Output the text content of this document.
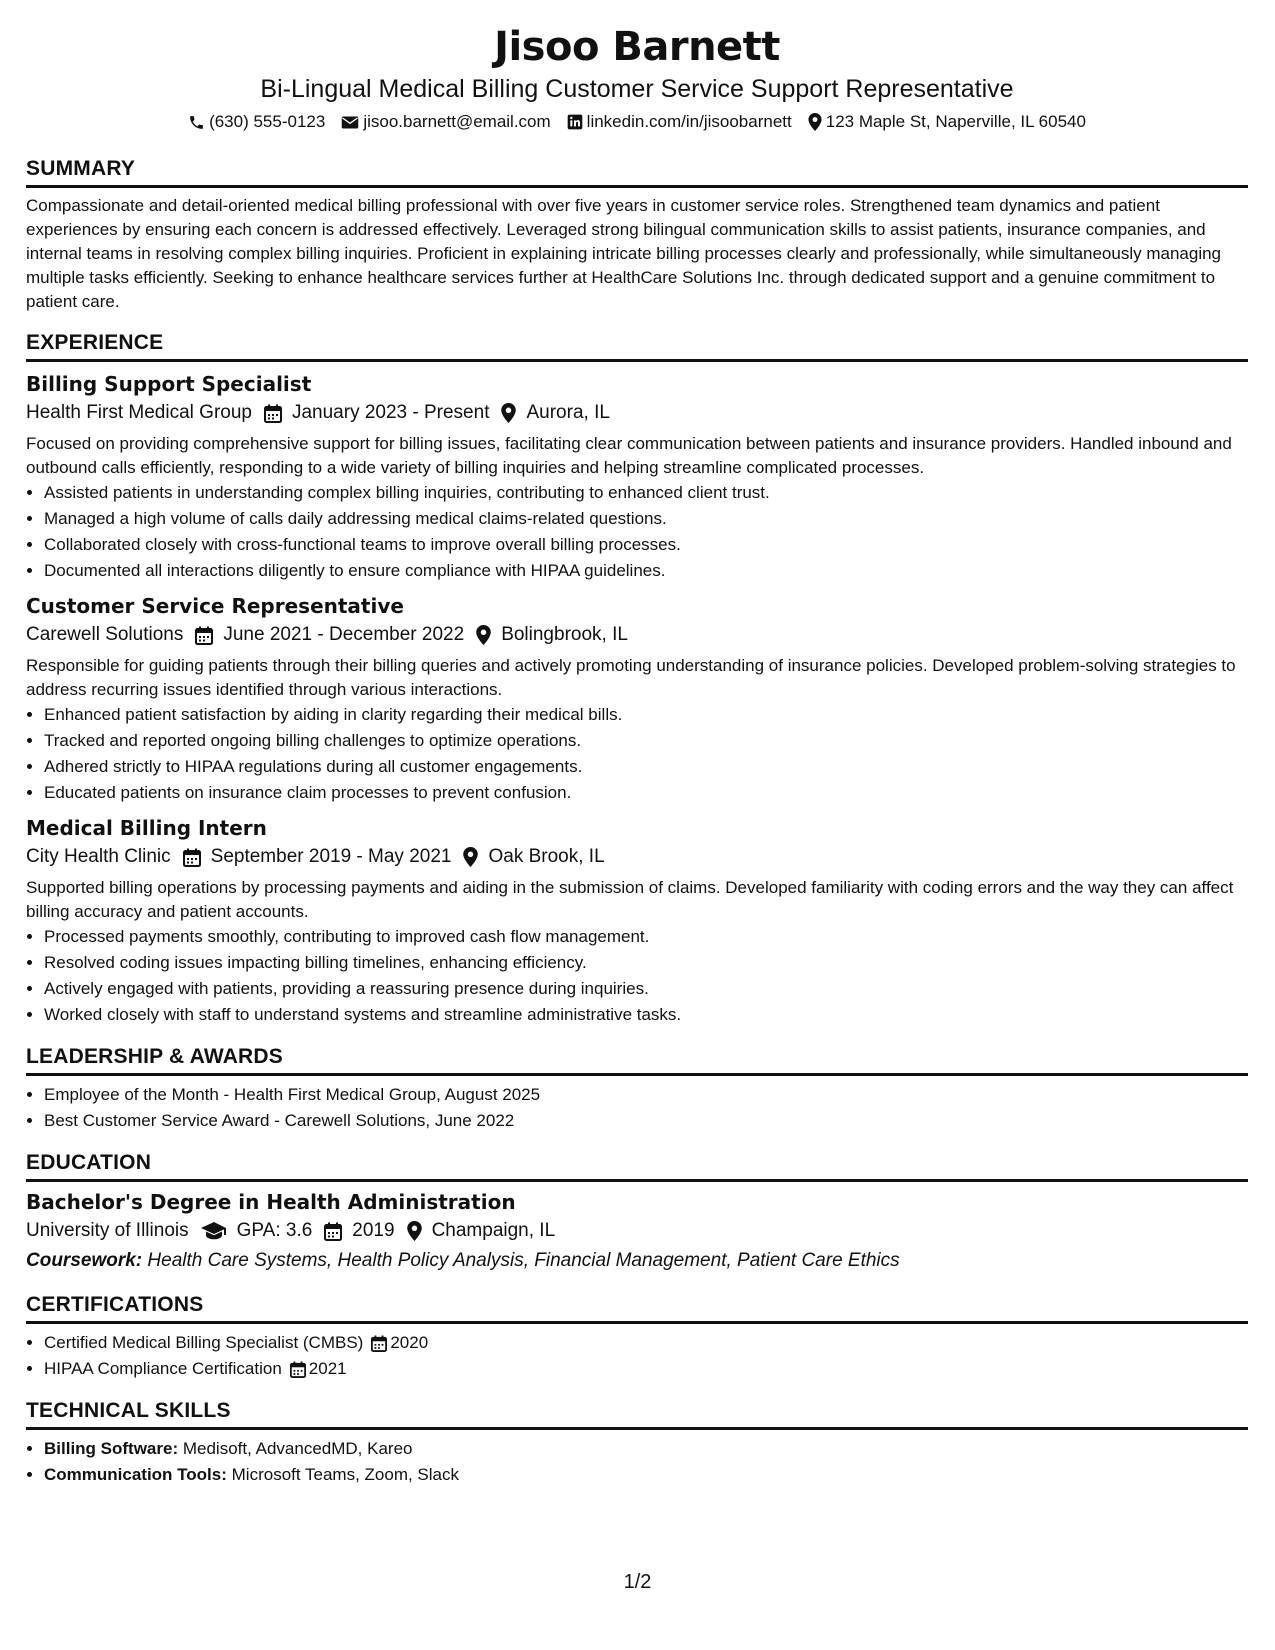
Jisoo Barnett
Bi-Lingual Medical Billing Customer Service Support Representative
(630) 555-0123 jisoo.barnett@email.com linkedin.com/in/jisoobarnett 123 Maple St, Naperville, IL 60540
SUMMARY

Compassionate and detail-oriented medical billing professional with over five years in customer service roles. Strengthened team dynamics and patient experiences by ensuring each concern is addressed effectively. Leveraged strong bilingual communication skills to assist patients, insurance companies, and internal teams in resolving complex billing inquiries. Proficient in explaining intricate billing processes clearly and professionally, while simultaneously managing multiple tasks efficiently. Seeking to enhance healthcare services further at HealthCare Solutions Inc. through dedicated support and a genuine commitment to patient care.

EXPERIENCE
Billing Support Specialist
Health First Medical Group January 2023 - Present Aurora, IL

Focused on providing comprehensive support for billing issues, facilitating clear communication between patients and insurance providers. Handled inbound and outbound calls efficiently, responding to a wide variety of billing inquiries and helping streamline complicated processes.

• Assisted patients in understanding complex billing inquiries, contributing to enhanced client trust.
• Managed a high volume of calls daily addressing medical claims-related questions.
• Collaborated closely with cross-functional teams to improve overall billing processes.
• Documented all interactions diligently to ensure compliance with HIPAA guidelines.
Customer Service Representative
Carewell Solutions June 2021 - December 2022 Bolingbrook, IL

Responsible for guiding patients through their billing queries and actively promoting understanding of insurance policies. Developed problem-solving strategies to address recurring issues identified through various interactions.

• Enhanced patient satisfaction by aiding in clarity regarding their medical bills.
• Tracked and reported ongoing billing challenges to optimize operations.
• Adhered strictly to HIPAA regulations during all customer engagements.
• Educated patients on insurance claim processes to prevent confusion.
Medical Billing Intern
City Health Clinic September 2019 - May 2021 Oak Brook, IL

Supported billing operations by processing payments and aiding in the submission of claims. Developed familiarity with coding errors and the way they can affect billing accuracy and patient accounts.

• Processed payments smoothly, contributing to improved cash flow management.
• Resolved coding issues impacting billing timelines, enhancing efficiency.
• Actively engaged with patients, providing a reassuring presence during inquiries.
• Worked closely with staff to understand systems and streamline administrative tasks.
LEADERSHIP & AWARDS
• Employee of the Month - Health First Medical Group, August 2025
• Best Customer Service Award - Carewell Solutions, June 2022
EDUCATION
Bachelor's Degree in Health Administration
University of Illinois	GPA: 3.6 2019 Champaign, IL
Coursework: Health Care Systems, Health Policy Analysis, Financial Management, Patient Care Ethics
CERTIFICATIONS
• Certified Medical Billing Specialist (CMBS) 2020
• HIPAA Compliance Certification 2021
TECHNICAL SKILLS
• Billing Software: Medisoft, AdvancedMD, Kareo
• Communication Tools: Microsoft Teams, Zoom, Slack
1/2
